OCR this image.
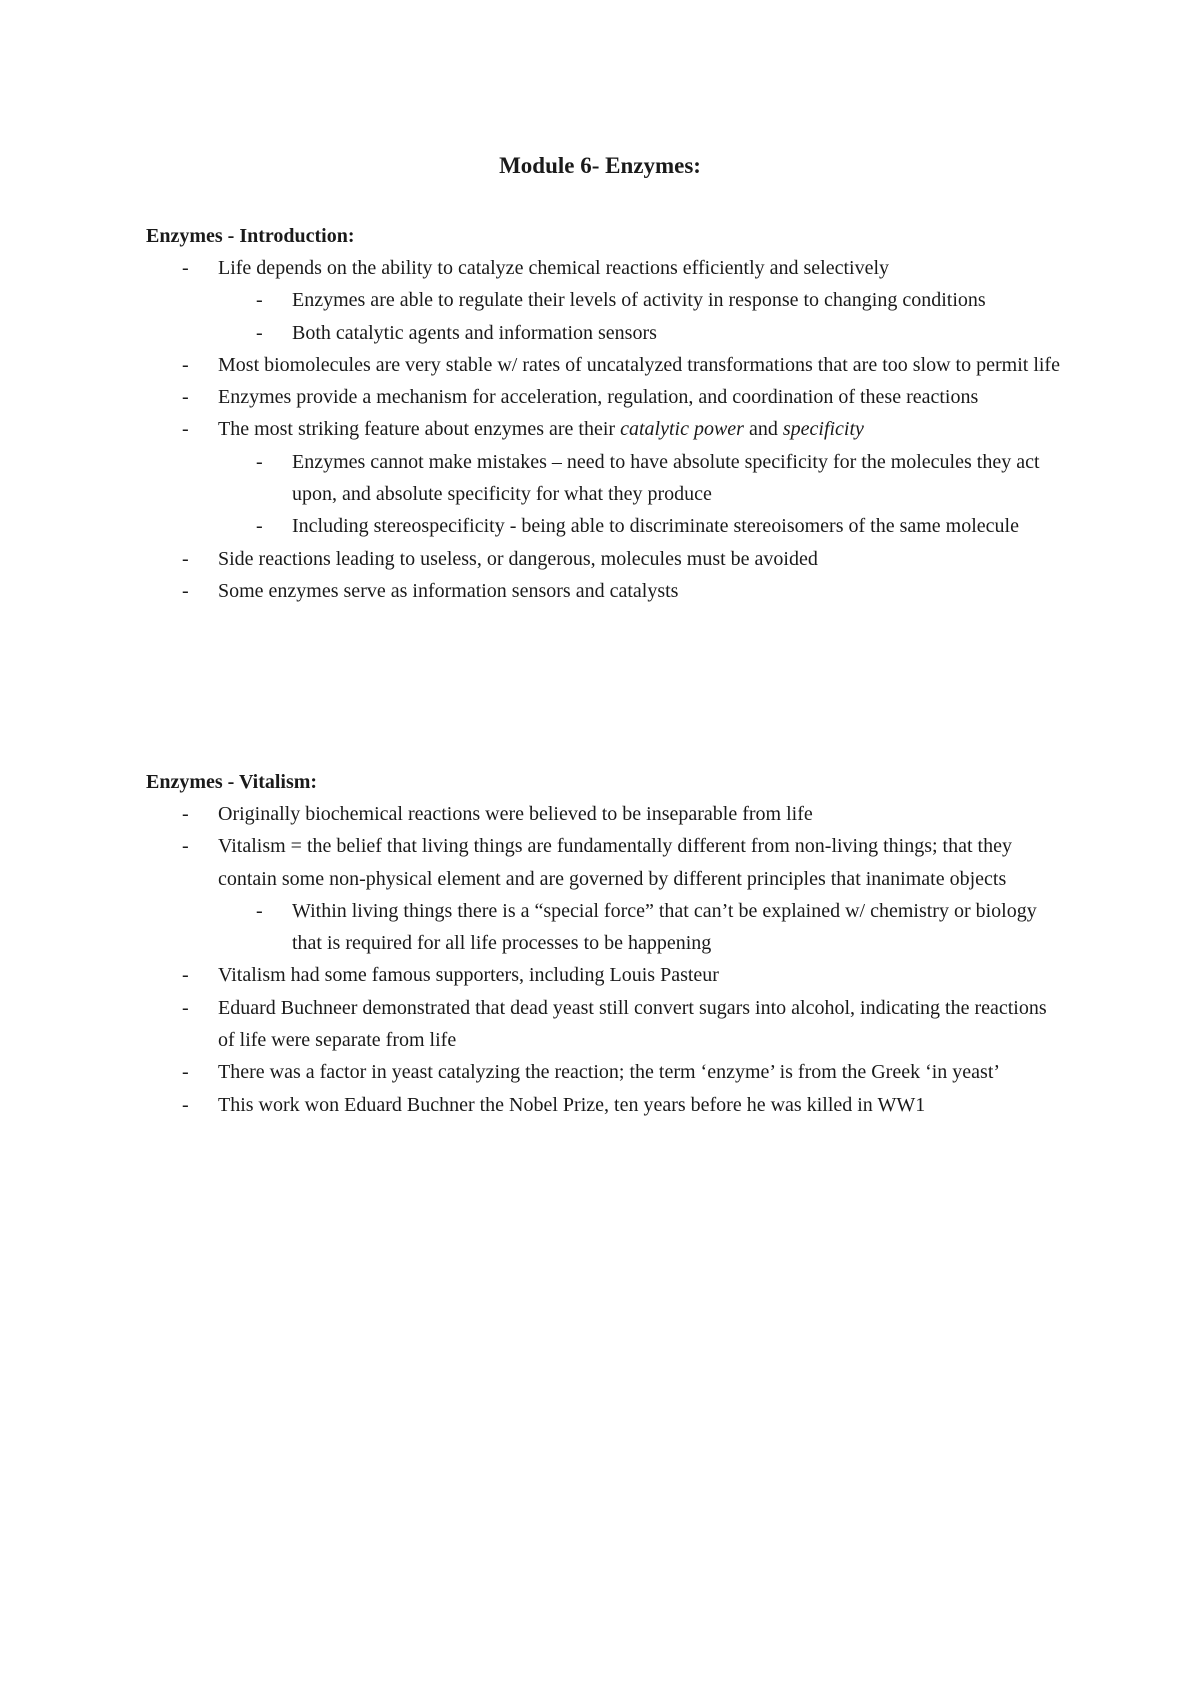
Module 6- Enzymes:
Enzymes - Introduction:
-	Life depends on the ability to catalyze chemical reactions efficiently and selectively
-	Enzymes are able to regulate their levels of activity in response to changing conditions
-	Both catalytic agents and information sensors
-	Most biomolecules are very stable w/ rates of uncatalyzed transformations that are too slow to permit life
-	Enzymes provide a mechanism for acceleration, regulation, and coordination of these reactions
-	The most striking feature about enzymes are their catalytic power and specificity
-	Enzymes cannot make mistakes – need to have absolute specificity for the molecules they act upon, and absolute specificity for what they produce
-	Including stereospecificity - being able to discriminate stereoisomers of the same molecule
-	Side reactions leading to useless, or dangerous, molecules must be avoided
-	Some enzymes serve as information sensors and catalysts
Enzymes - Vitalism:
-	Originally biochemical reactions were believed to be inseparable from life
-	Vitalism = the belief that living things are fundamentally different from non-living things; that they contain some non-physical element and are governed by different principles that inanimate objects
-	Within living things there is a “special force” that can’t be explained w/ chemistry or biology that is required for all life processes to be happening
-	Vitalism had some famous supporters, including Louis Pasteur
-	Eduard Buchneer demonstrated that dead yeast still convert sugars into alcohol, indicating the reactions of life were separate from life
-	There was a factor in yeast catalyzing the reaction; the term ‘enzyme’ is from the Greek ‘in yeast’
-	This work won Eduard Buchner the Nobel Prize, ten years before he was killed in WW1
